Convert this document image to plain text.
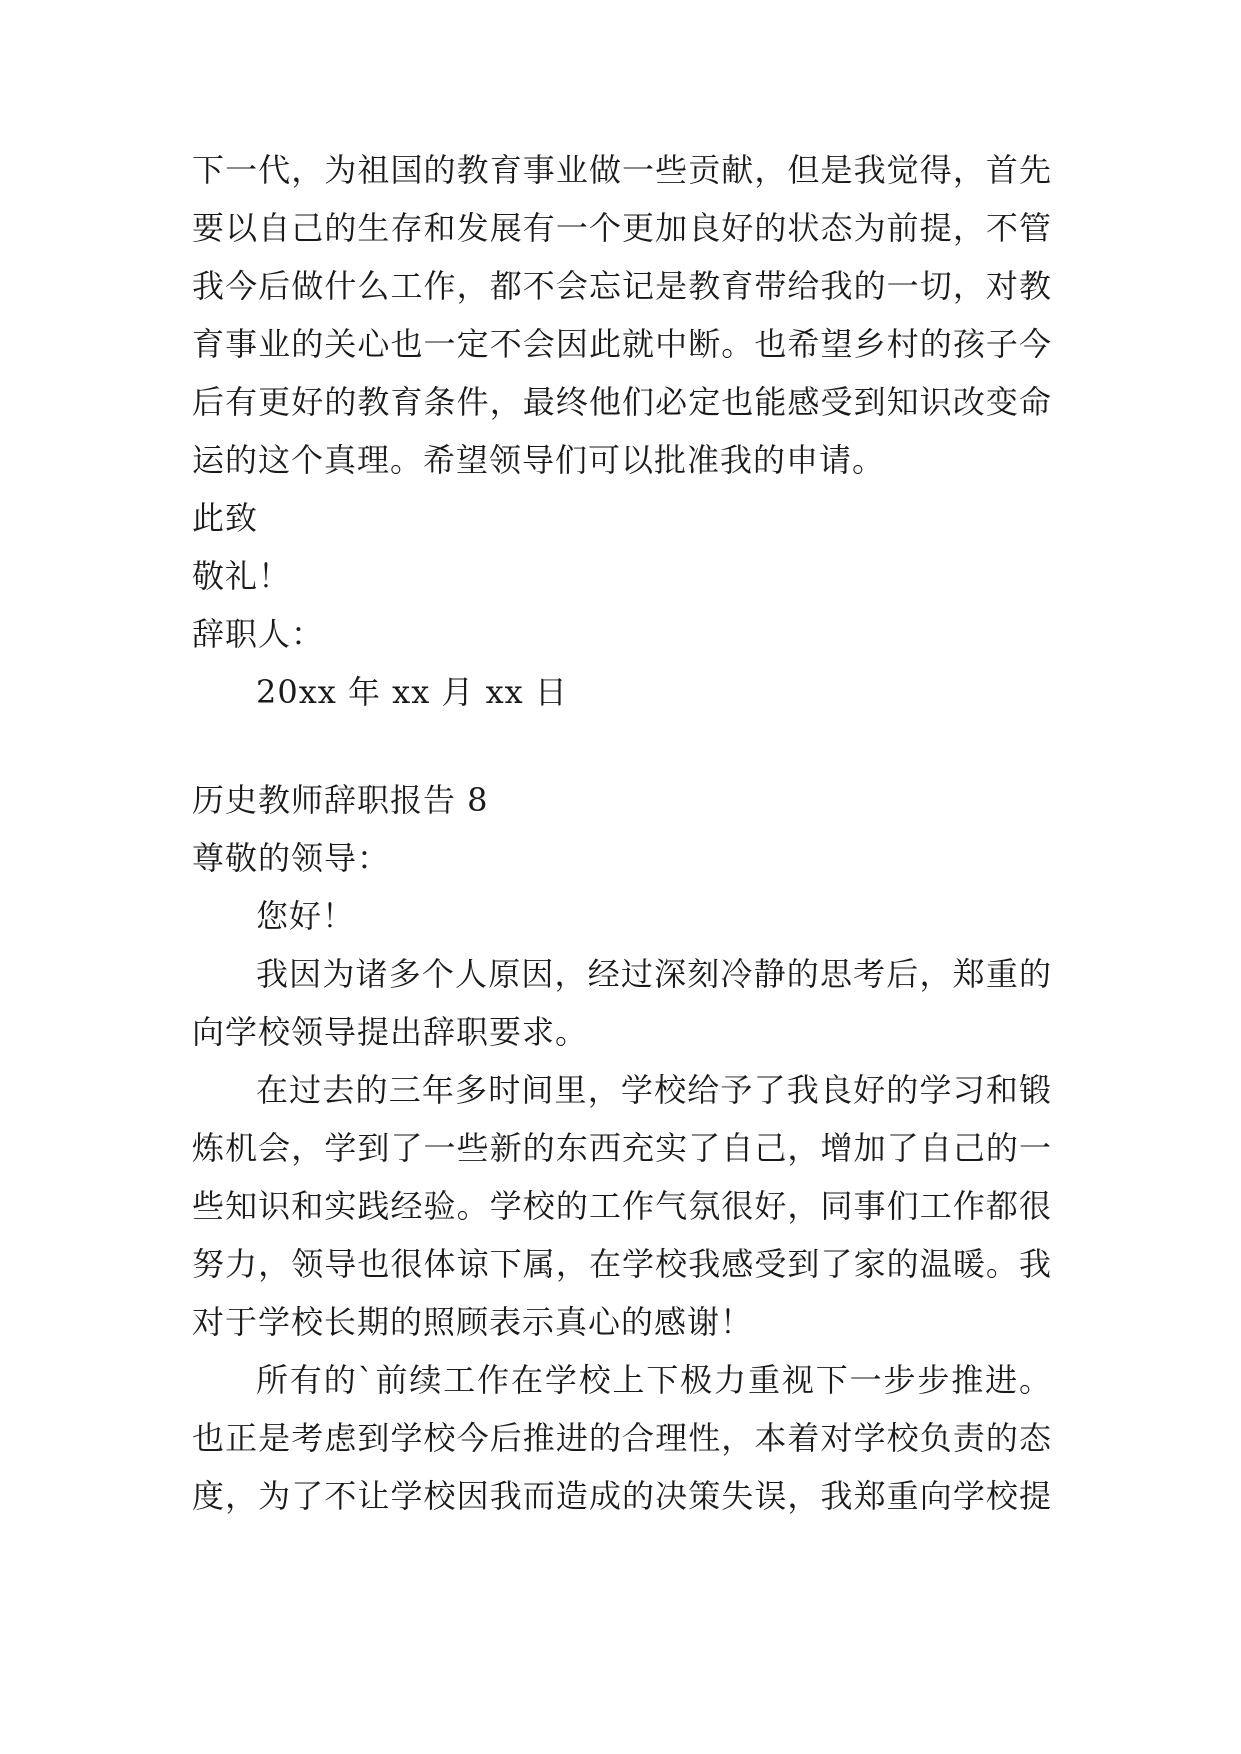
下一代，为祖国的教育事业做一些贡献，但是我觉得，首先
要以自己的生存和发展有一个更加良好的状态为前提，不管
我今后做什么工作，都不会忘记是教育带给我的一切，对教
育事业的关心也一定不会因此就中断。也希望乡村的孩子今
后有更好的教育条件，最终他们必定也能感受到知识改变命
运的这个真理。希望领导们可以批准我的申请。
此致
敬礼！
辞职人：
20xx 年 xx 月 xx 日
历史教师辞职报告 8
尊敬的领导：
您好！
我因为诸多个人原因，经过深刻冷静的思考后，郑重的
向学校领导提出辞职要求。
在过去的三年多时间里，学校给予了我良好的学习和锻
炼机会，学到了一些新的东西充实了自己，增加了自己的一
些知识和实践经验。学校的工作气氛很好，同事们工作都很
努力，领导也很体谅下属，在学校我感受到了家的温暖。我
对于学校长期的照顾表示真心的感谢！
所有的`前续工作在学校上下极力重视下一步步推进。
也正是考虑到学校今后推进的合理性，本着对学校负责的态
度，为了不让学校因我而造成的决策失误，我郑重向学校提
